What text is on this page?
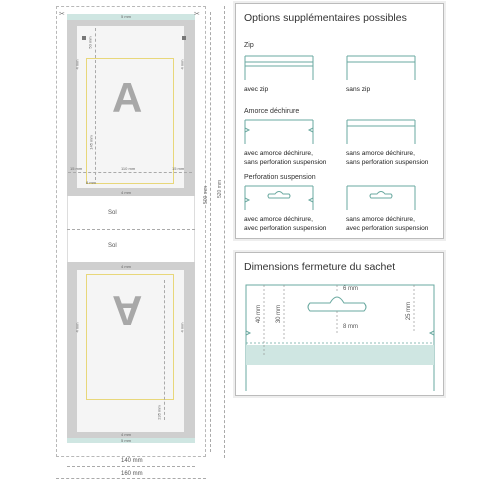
5 mm
✂	✂
A
4 mm	4 mm
50 mm
145 mm
15 mm	110 mm	15 mm
8 mm
4 mm
Sol
Sol
A
4 mm
4 mm	4 mm
235 mm
4 mm
5 mm
500 mm 520 mm
140 mm
160 mm
Options supplémentaires possibles
Zip
avec zip	sans zip
Amorce déchirure
avec amorce déchirure,
sans perforation suspension
sans amorce déchirure,
sans perforation suspension
Perforation suspension
avec amorce déchirure,
avec perforation suspension
sans amorce déchirure,
avec perforation suspension
Dimensions fermeture du sachet
40 mm 30 mm
6 mm
8 mm
25 mm
